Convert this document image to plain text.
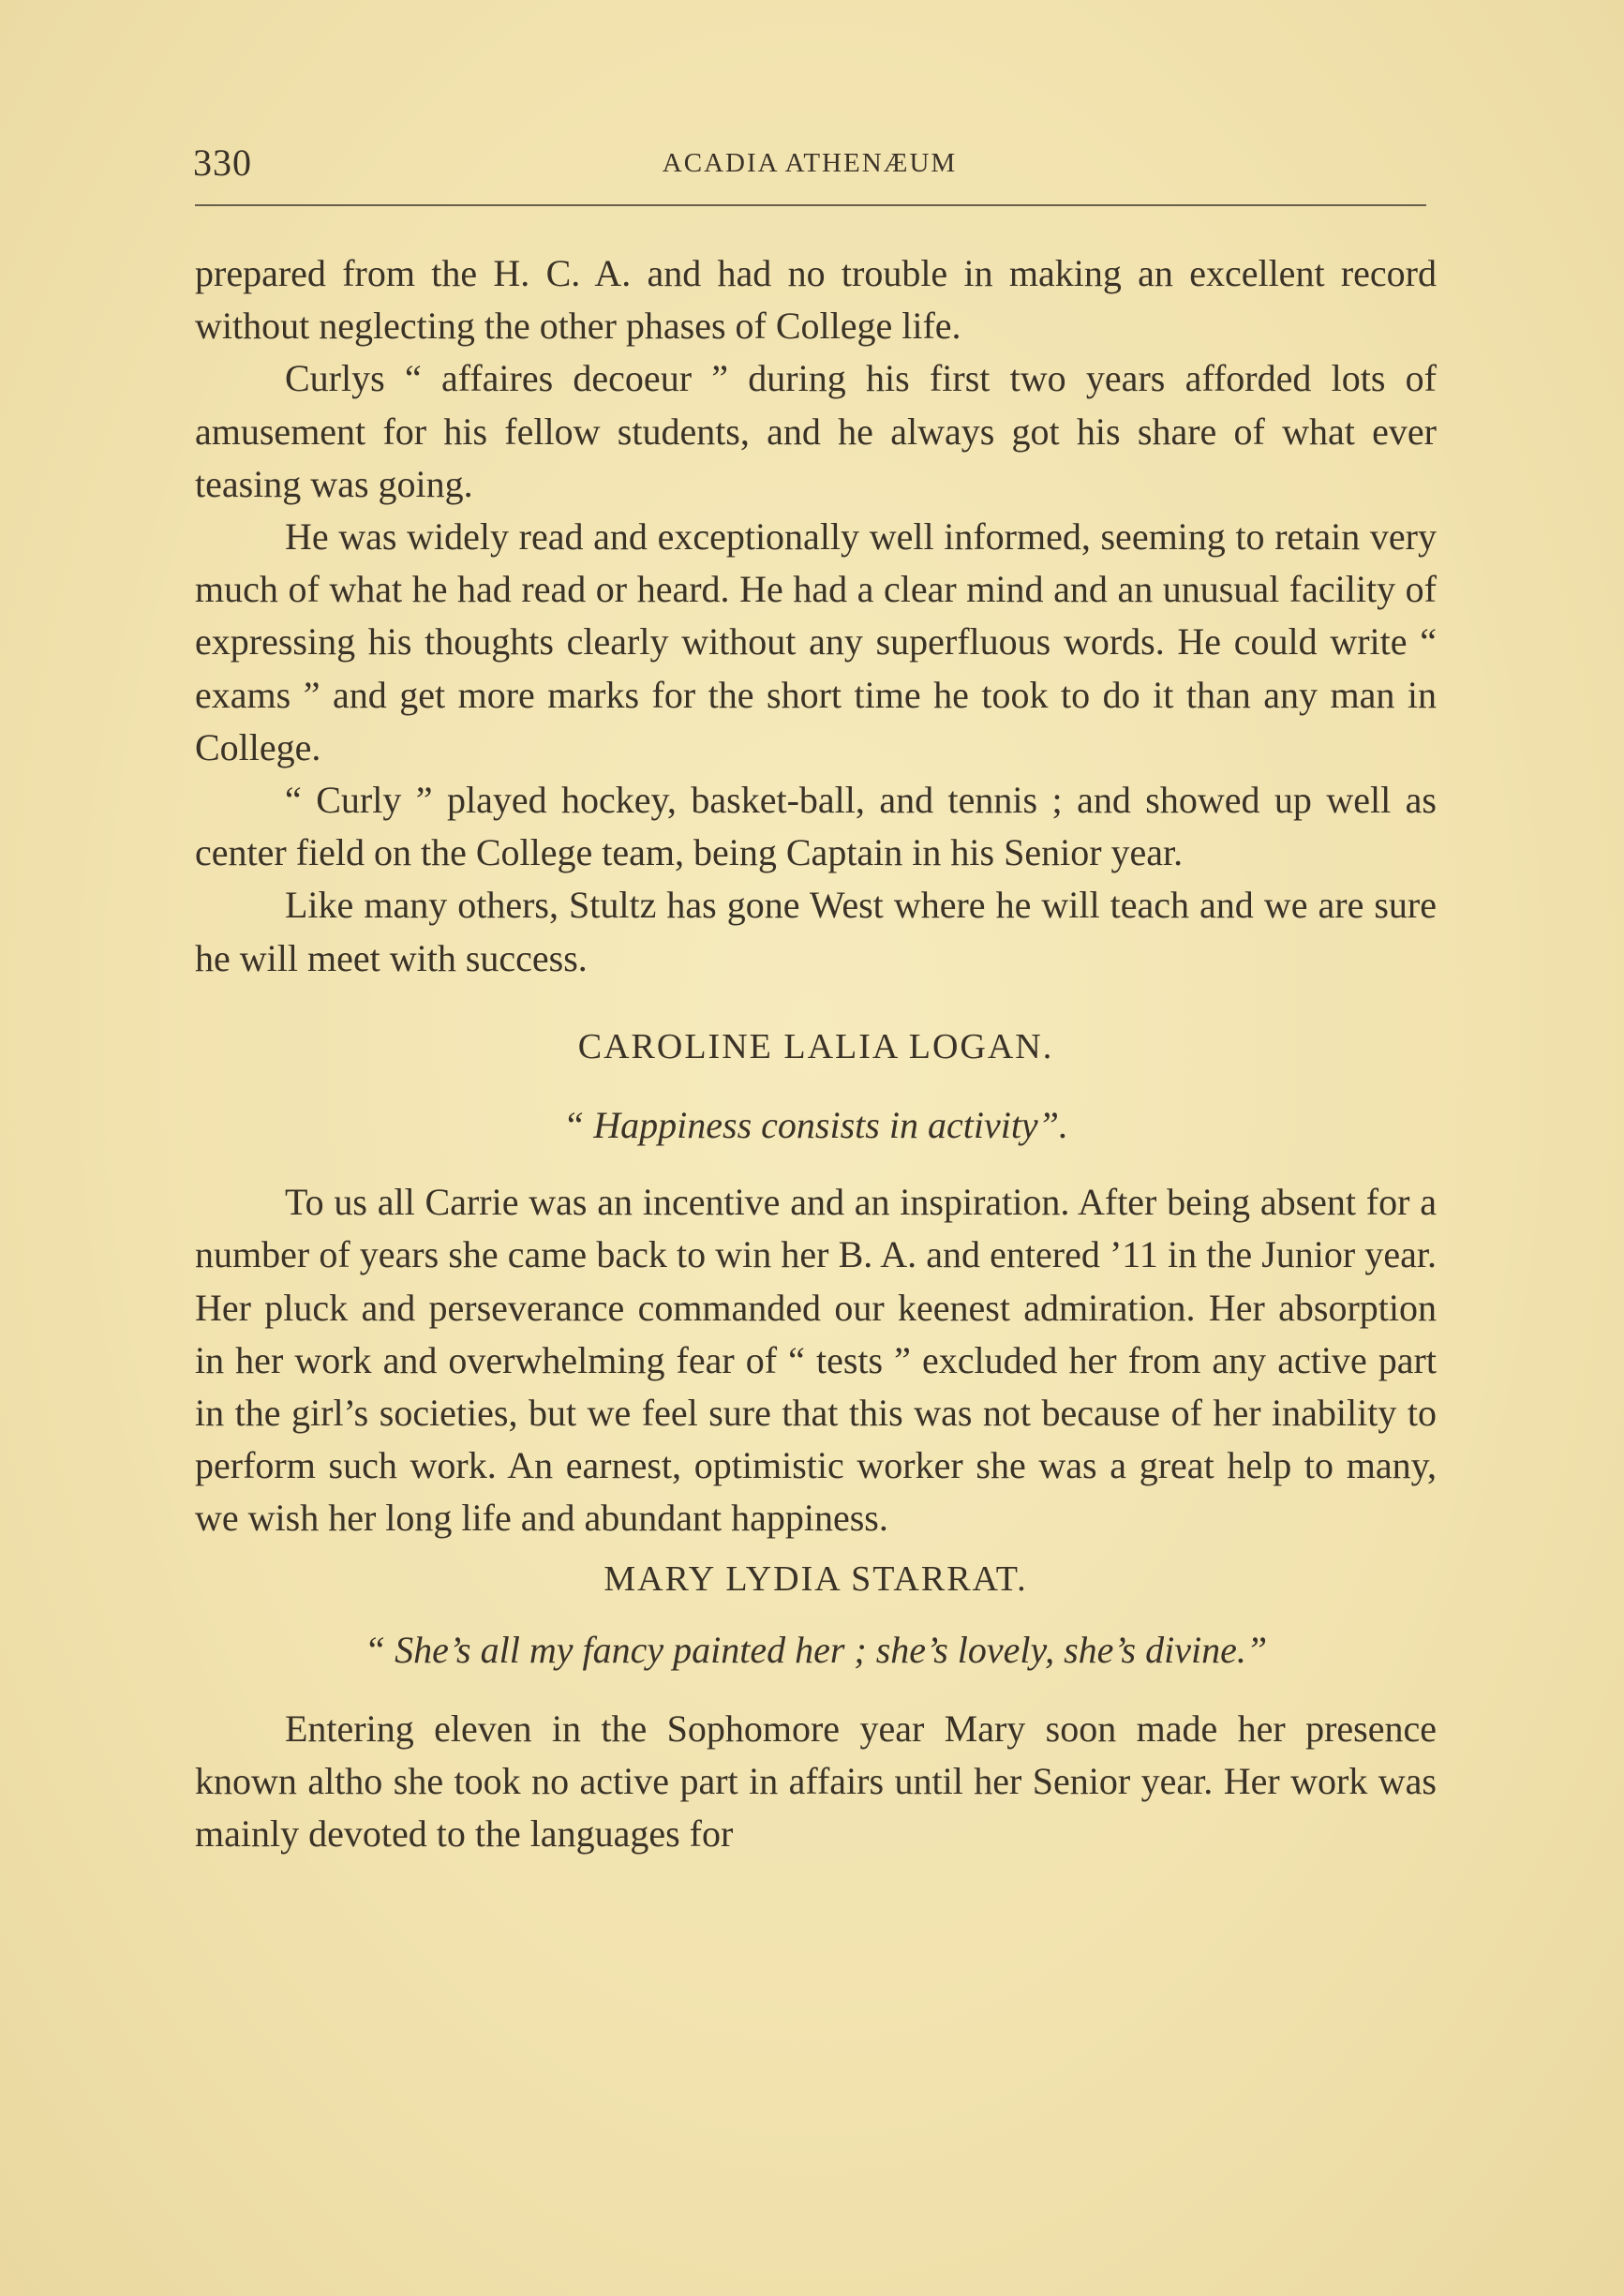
330	ACADIA ATHENÆUM

prepared from the H. C. A. and had no trouble in making an excellent record without neglecting the other phases of College life.

Curlys “ affaires decoeur ” during his first two years afforded lots of amusement for his fellow students, and he always got his share of what ever teasing was going.

He was widely read and exceptionally well informed, seeming to retain very much of what he had read or heard. He had a clear mind and an unusual facility of expressing his thoughts clearly without any superfluous words. He could write “ exams ” and get more marks for the short time he took to do it than any man in College.

“ Curly ” played hockey, basket-ball, and tennis ; and showed up well as center field on the College team, being Captain in his Senior year.

Like many others, Stultz has gone West where he will teach and we are sure he will meet with success.

CAROLINE LALIA LOGAN.

“ Happiness consists in activity”.

To us all Carrie was an incentive and an inspiration. After being absent for a number of years she came back to win her B. A. and entered ’11 in the Junior year. Her pluck and perseverance commanded our keenest admiration. Her absorption in her work and overwhelming fear of “ tests ” excluded her from any active part in the girl’s societies, but we feel sure that this was not because of her inability to perform such work. An earnest, optimistic worker she was a great help to many, we wish her long life and abundant happiness.

MARY LYDIA STARRAT.

“ She’s all my fancy painted her ; she’s lovely, she’s divine.”

Entering eleven in the Sophomore year Mary soon made her presence known altho she took no active part in affairs until her Senior year. Her work was mainly devoted to the languages for
